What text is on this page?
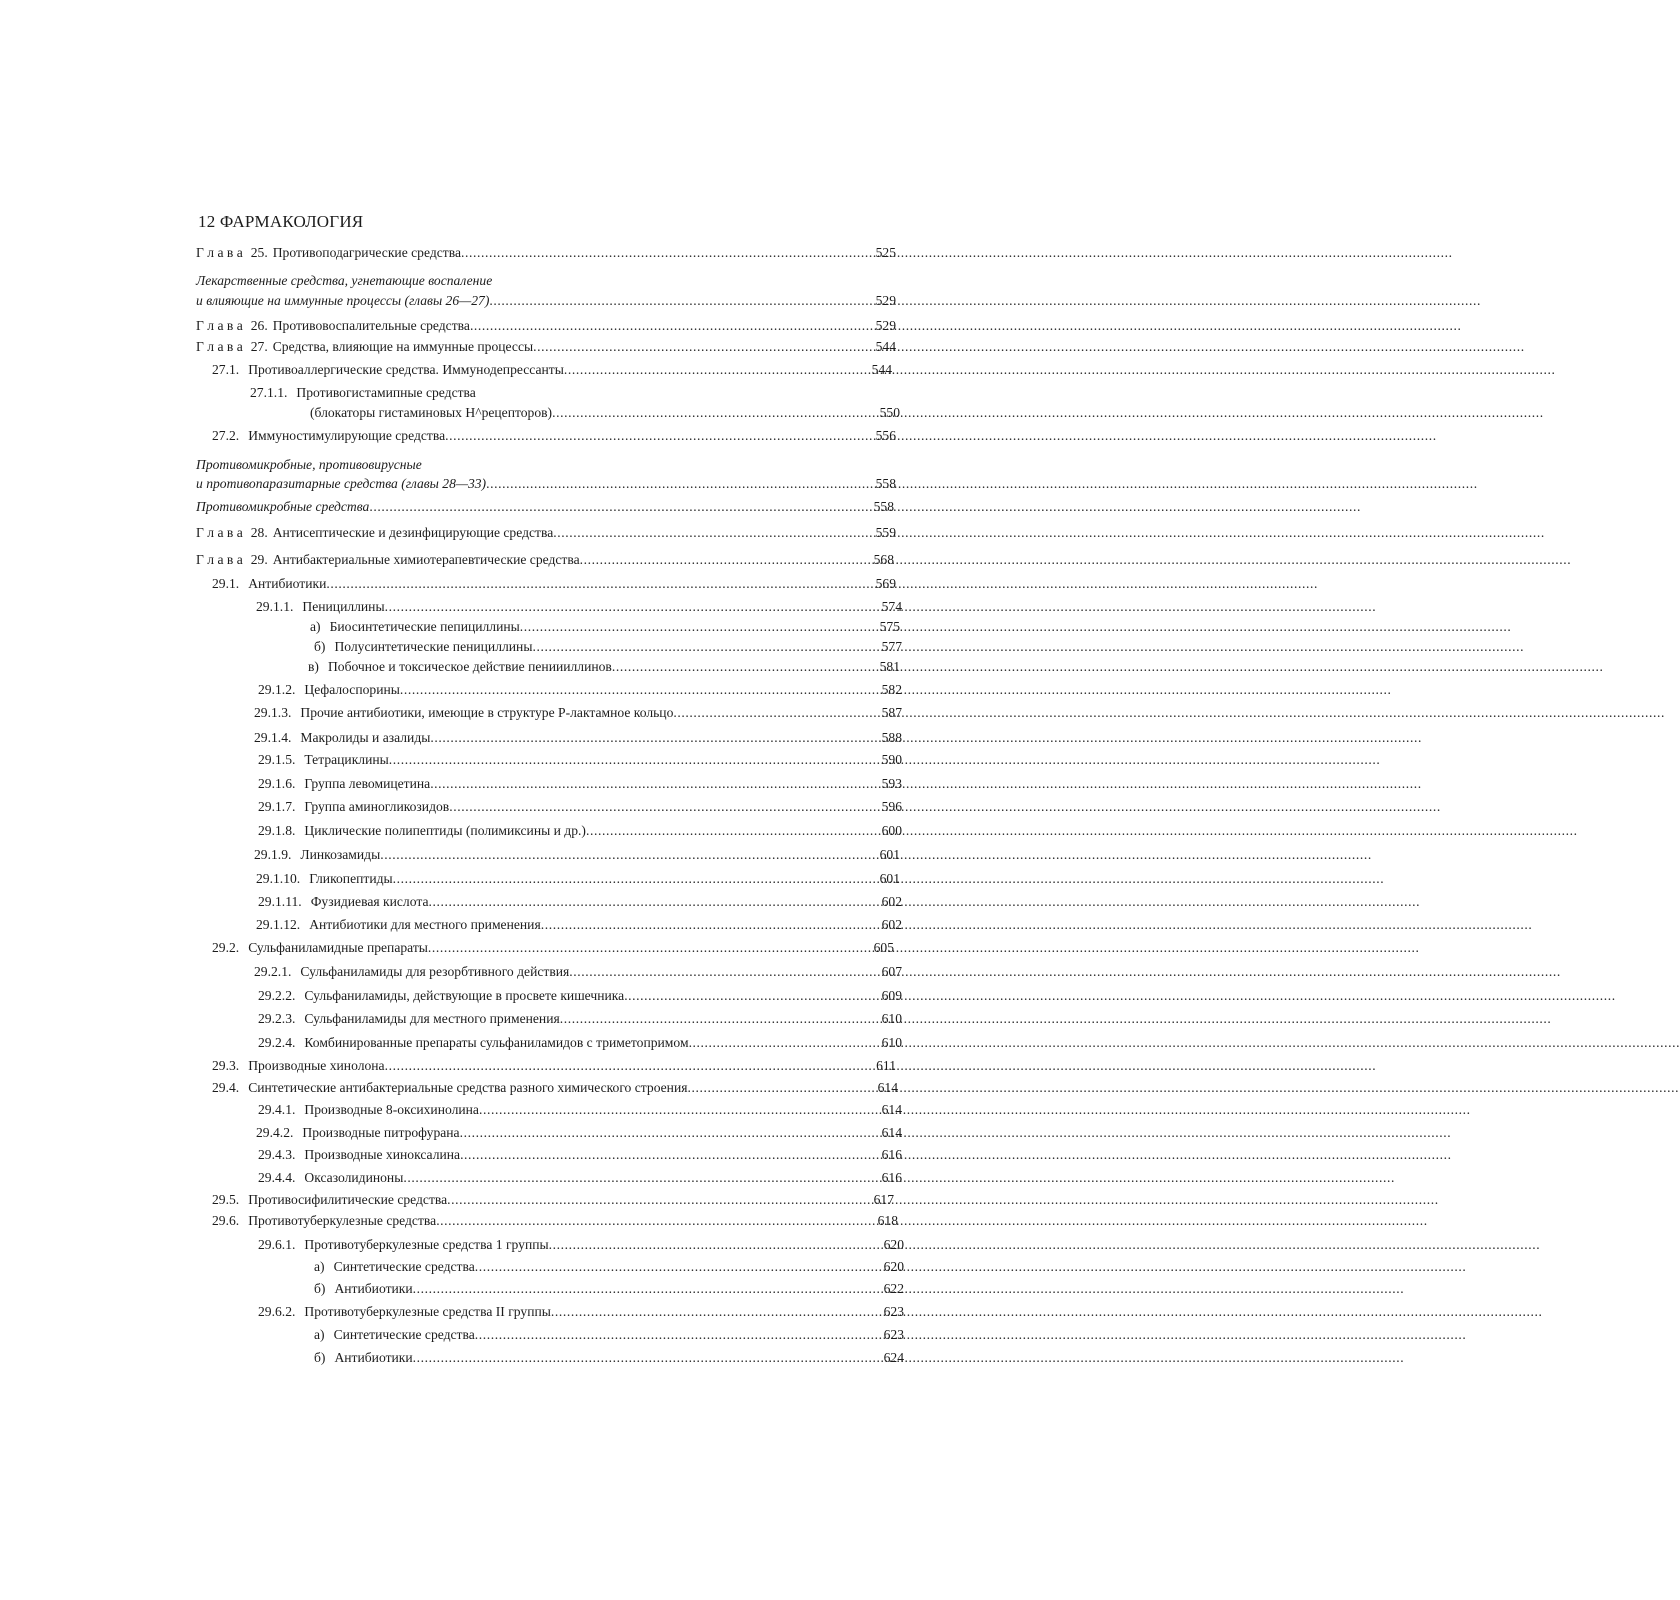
12 ФАРМАКОЛОГИЯ
Г л а в а 25. Противоподагрические средства .....	525
Лекарственные средства, угнетающие воспаление
и влияющие на иммунные процессы (главы 26—27) .....	529
Г л а в а 26. Противовоспалительные средства .....	529
Г л а в а 27. Средства, влияющие на иммунные процессы .....	544
27.1. Противоаллергические средства. Иммунодепрессанты .....	544
27.1.1. Противогистамипные средства
(блокаторы гистаминовых Н^рецепторов) .....	550
27.2. Иммуностимулирующие средства .....	556
Противомикробные, противовирусные
и противопаразитарные средства (главы 28—33) .....	558
Противомикробные средства .....	558
Г л а в а 28. Антисептические и дезинфицирующие средства .....	559
Г л а в а 29. Антибактериальные химиотерапевтические средства .....	568
29.1. Антибиотики .....	569
29.1.1. Пенициллины .....	574
а) Биосинтетические пепициллины .....	575
б) Полусинтетические пенициллины .....	577
в) Побочное и токсическое действие пениииллинов .....	581
29.1.2. Цефалоспорины .....	582
29.1.3. Прочие антибиотики, имеющие в структуре Р-лактамное кольцо .....	587
29.1.4. Макролиды и азалиды .....	588
29.1.5. Тетрациклины .....	590
29.1.6. Группа левомицетина .....	593
29.1.7. Группа аминогликозидов .....	596
29.1.8. Циклические полипептиды (полимиксины и др.) .....	600
29.1.9. Линкозамиды .....	601
29.1.10. Гликопептиды .....	601
29.1.11. Фузидиевая кислота .....	602
29.1.12. Антибиотики для местного применения .....	602
29.2. Сульфаниламидные препараты .....	605
29.2.1. Сульфаниламиды для резорбтивного действия .....	607
29.2.2. Сульфаниламиды, действующие в просвете кишечника .....	609
29.2.3. Сульфаниламиды для местного применения .....	610
29.2.4. Комбинированные препараты сульфаниламидов с триметопримом .....	610
29.3. Производные хинолона .....	611
29.4. Синтетические антибактериальные средства разного химического строения .....	614
29.4.1. Производные 8-оксихинолина .....	614
29.4.2. Производные питрофурана .....	614
29.4.3. Производные хиноксалина .....	616
29.4.4. Оксазолидиноны .....	616
29.5. Противосифилитические средства .....	617
29.6. Противотуберкулезные средства .....	618
29.6.1. Противотуберкулезные средства 1 группы .....	620
а) Синтетические средства .....	620
б) Антибиотики .....	622
29.6.2. Противотуберкулезные средства II группы .....	623
а) Синтетические средства .....	623
б) Антибиотики .....	624
